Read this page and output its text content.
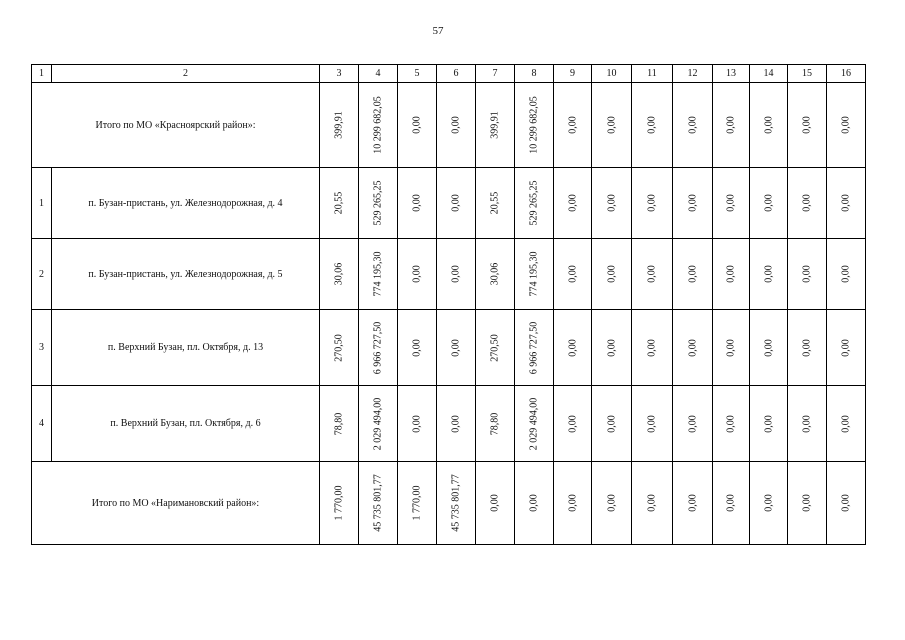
57
1	2	3	4	5	6	7	8	9	10	11	12	13	14	15	16
Итого по МО «Красноярский район»:		399,91	10 299 682,05	0,00	0,00	399,91	10 299 682,05	0,00	0,00	0,00	0,00	0,00	0,00	0,00	0,00

1	п. Бузан-пристань, ул. Железнодорожная, д. 4	20,55	529 265,25	0,00	0,00	20,55	529 265,25	0,00	0,00	0,00	0,00	0,00	0,00	0,00	0,00

2	п. Бузан-пристань, ул. Железнодорожная, д. 5	30,06	774 195,30	0,00	0,00	30,06	774 195,30	0,00	0,00	0,00	0,00	0,00	0,00	0,00	0,00

3	п. Верхний Бузан, пл. Октября, д. 13	270,50	6 966 727,50	0,00	0,00	270,50	6 966 727,50	0,00	0,00	0,00	0,00	0,00	0,00	0,00	0,00

4	п. Верхний Бузан, пл. Октября, д. 6	78,80	2 029 494,00	0,00	0,00	78,80	2 029 494,00	0,00	0,00	0,00	0,00	0,00	0,00	0,00	0,00

Итого по МО «Наримановский район»:		1 770,00	45 735 801,77	1 770,00	45 735 801,77	0,00	0,00	0,00	0,00	0,00	0,00	0,00	0,00	0,00	0,00
